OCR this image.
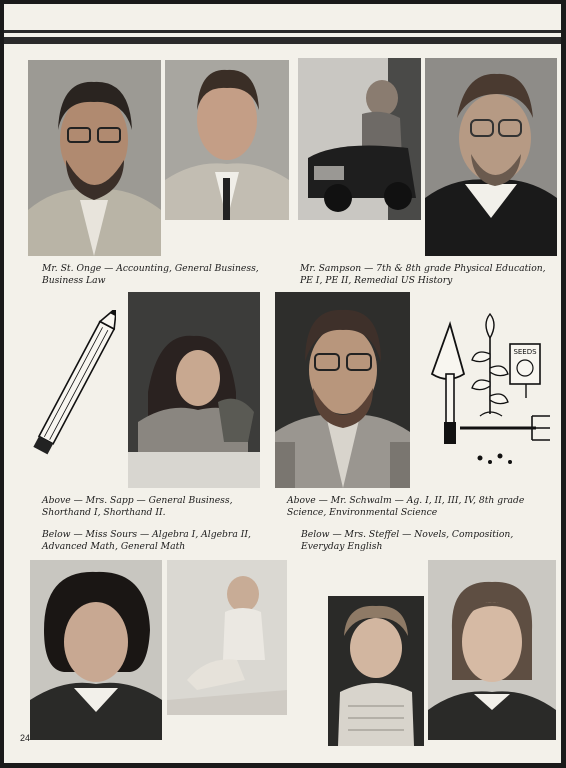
Mr. St. Onge — Accounting, General Business, Business Law
Mr. Sampson — 7th & 8th grade Physical Education, PE I, PE II, Remedial US History
SEEDS
Above — Mrs. Sapp — General Business, Shorthand I, Shorthand II.
Above — Mr. Schwalm — Ag. I, II, III, IV, 8th grade Science, Environmental Science
Below — Miss Sours — Algebra I, Algebra II, Advanced Math, General Math
Below — Mrs. Steffel — Novels, Composition, Everyday English
24
